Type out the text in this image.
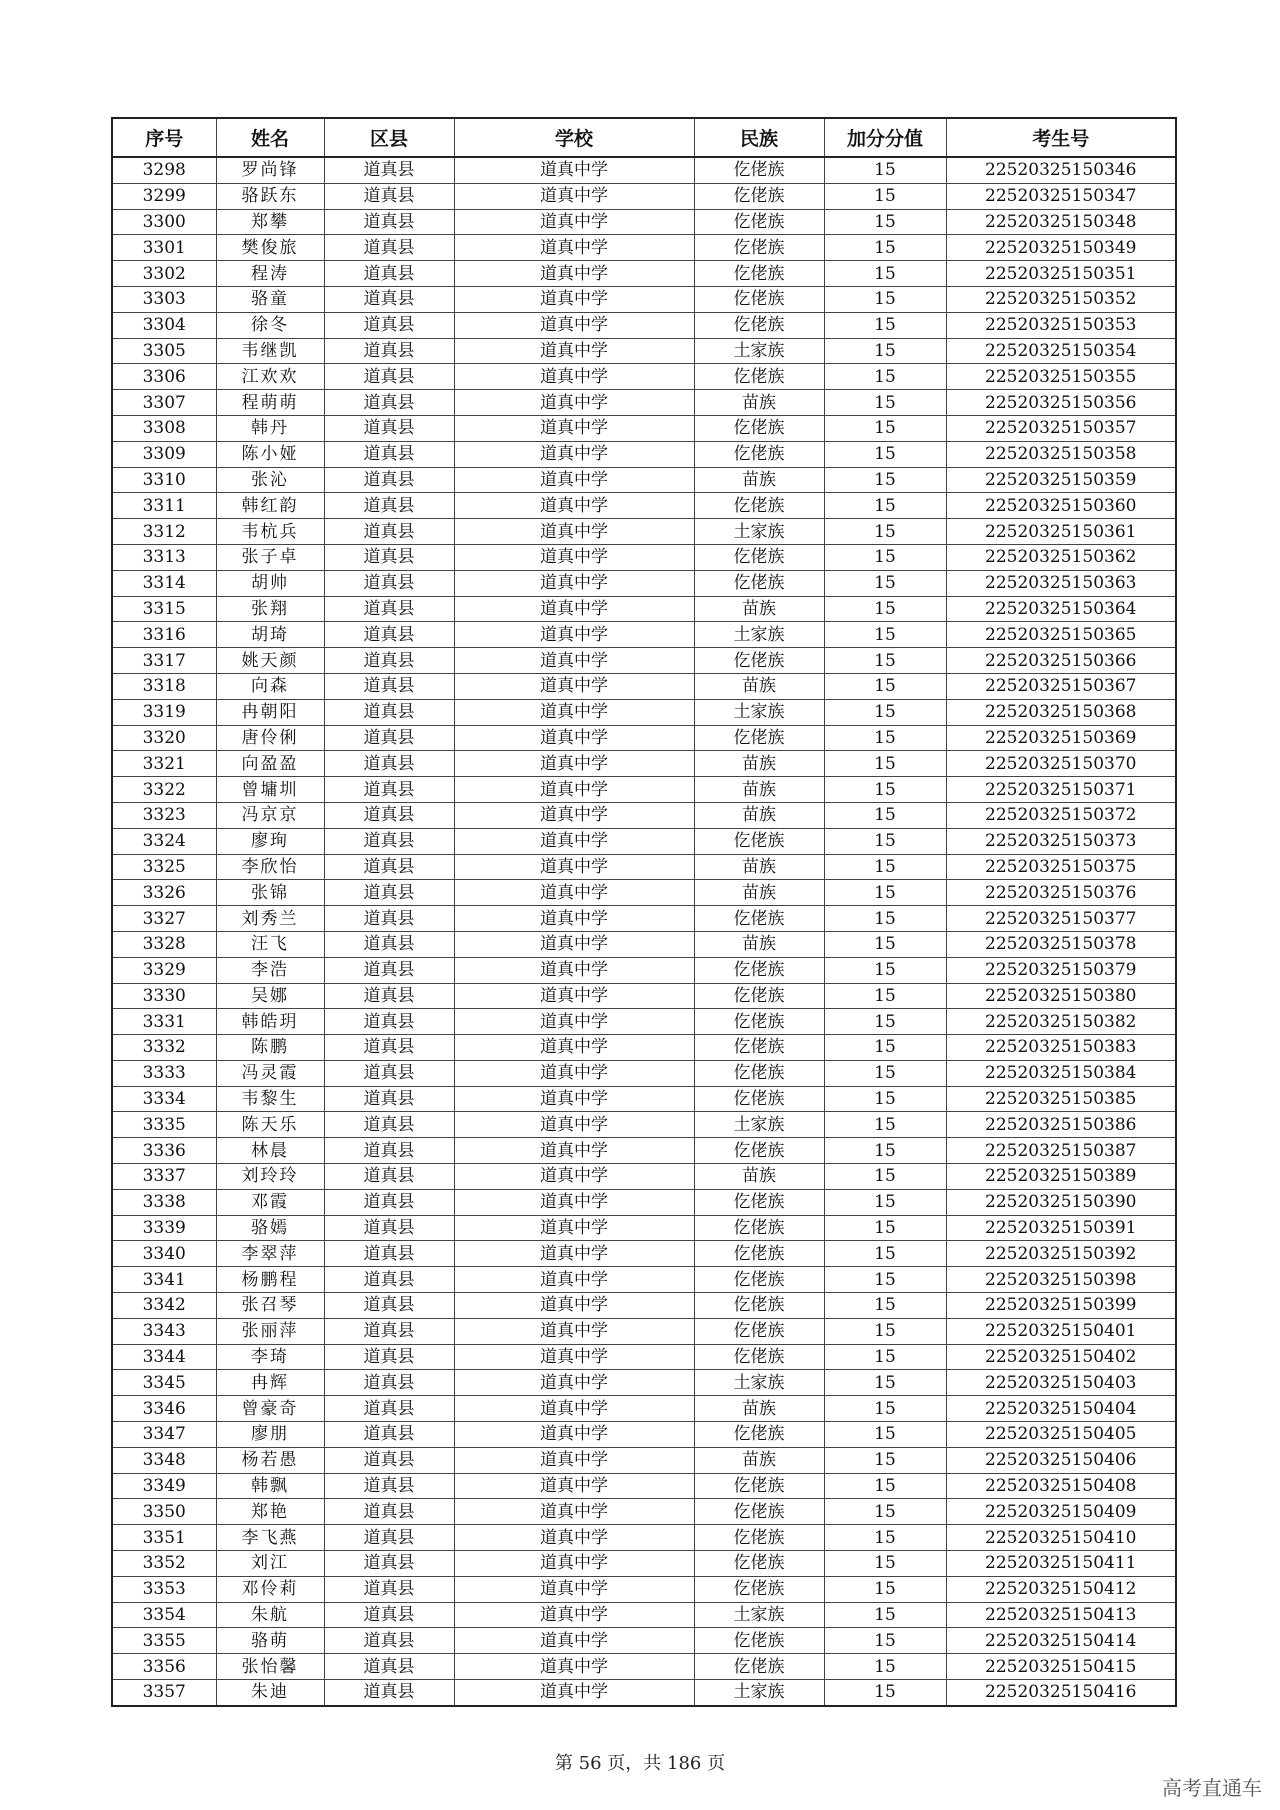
序号	姓名	区县	学校	民族	加分分值	考生号
3298	罗尚锋	道真县	道真中学	仡佬族	15	22520325150346
3299	骆跃东	道真县	道真中学	仡佬族	15	22520325150347
3300	郑攀	道真县	道真中学	仡佬族	15	22520325150348
3301	樊俊旅	道真县	道真中学	仡佬族	15	22520325150349
3302	程涛	道真县	道真中学	仡佬族	15	22520325150351
3303	骆童	道真县	道真中学	仡佬族	15	22520325150352
3304	徐冬	道真县	道真中学	仡佬族	15	22520325150353
3305	韦继凯	道真县	道真中学	土家族	15	22520325150354
3306	江欢欢	道真县	道真中学	仡佬族	15	22520325150355
3307	程萌萌	道真县	道真中学	苗族	15	22520325150356
3308	韩丹	道真县	道真中学	仡佬族	15	22520325150357
3309	陈小娅	道真县	道真中学	仡佬族	15	22520325150358
3310	张沁	道真县	道真中学	苗族	15	22520325150359
3311	韩红韵	道真县	道真中学	仡佬族	15	22520325150360
3312	韦杭兵	道真县	道真中学	土家族	15	22520325150361
3313	张子卓	道真县	道真中学	仡佬族	15	22520325150362
3314	胡帅	道真县	道真中学	仡佬族	15	22520325150363
3315	张翔	道真县	道真中学	苗族	15	22520325150364
3316	胡琦	道真县	道真中学	土家族	15	22520325150365
3317	姚天颜	道真县	道真中学	仡佬族	15	22520325150366
3318	向森	道真县	道真中学	苗族	15	22520325150367
3319	冉朝阳	道真县	道真中学	土家族	15	22520325150368
3320	唐伶俐	道真县	道真中学	仡佬族	15	22520325150369
3321	向盈盈	道真县	道真中学	苗族	15	22520325150370
3322	曾墉圳	道真县	道真中学	苗族	15	22520325150371
3323	冯京京	道真县	道真中学	苗族	15	22520325150372
3324	廖珣	道真县	道真中学	仡佬族	15	22520325150373
3325	李欣怡	道真县	道真中学	苗族	15	22520325150375
3326	张锦	道真县	道真中学	苗族	15	22520325150376
3327	刘秀兰	道真县	道真中学	仡佬族	15	22520325150377
3328	汪飞	道真县	道真中学	苗族	15	22520325150378
3329	李浩	道真县	道真中学	仡佬族	15	22520325150379
3330	吴娜	道真县	道真中学	仡佬族	15	22520325150380
3331	韩皓玥	道真县	道真中学	仡佬族	15	22520325150382
3332	陈鹏	道真县	道真中学	仡佬族	15	22520325150383
3333	冯灵霞	道真县	道真中学	仡佬族	15	22520325150384
3334	韦黎生	道真县	道真中学	仡佬族	15	22520325150385
3335	陈天乐	道真县	道真中学	土家族	15	22520325150386
3336	林晨	道真县	道真中学	仡佬族	15	22520325150387
3337	刘玲玲	道真县	道真中学	苗族	15	22520325150389
3338	邓霞	道真县	道真中学	仡佬族	15	22520325150390
3339	骆嫣	道真县	道真中学	仡佬族	15	22520325150391
3340	李翠萍	道真县	道真中学	仡佬族	15	22520325150392
3341	杨鹏程	道真县	道真中学	仡佬族	15	22520325150398
3342	张召琴	道真县	道真中学	仡佬族	15	22520325150399
3343	张丽萍	道真县	道真中学	仡佬族	15	22520325150401
3344	李琦	道真县	道真中学	仡佬族	15	22520325150402
3345	冉辉	道真县	道真中学	土家族	15	22520325150403
3346	曾豪奇	道真县	道真中学	苗族	15	22520325150404
3347	廖朋	道真县	道真中学	仡佬族	15	22520325150405
3348	杨若愚	道真县	道真中学	苗族	15	22520325150406
3349	韩飘	道真县	道真中学	仡佬族	15	22520325150408
3350	郑艳	道真县	道真中学	仡佬族	15	22520325150409
3351	李飞燕	道真县	道真中学	仡佬族	15	22520325150410
3352	刘江	道真县	道真中学	仡佬族	15	22520325150411
3353	邓伶莉	道真县	道真中学	仡佬族	15	22520325150412
3354	朱航	道真县	道真中学	土家族	15	22520325150413
3355	骆萌	道真县	道真中学	仡佬族	15	22520325150414
3356	张怡馨	道真县	道真中学	仡佬族	15	22520325150415
3357	朱迪	道真县	道真中学	土家族	15	22520325150416
第 56 页，共 186 页
高考直通车
